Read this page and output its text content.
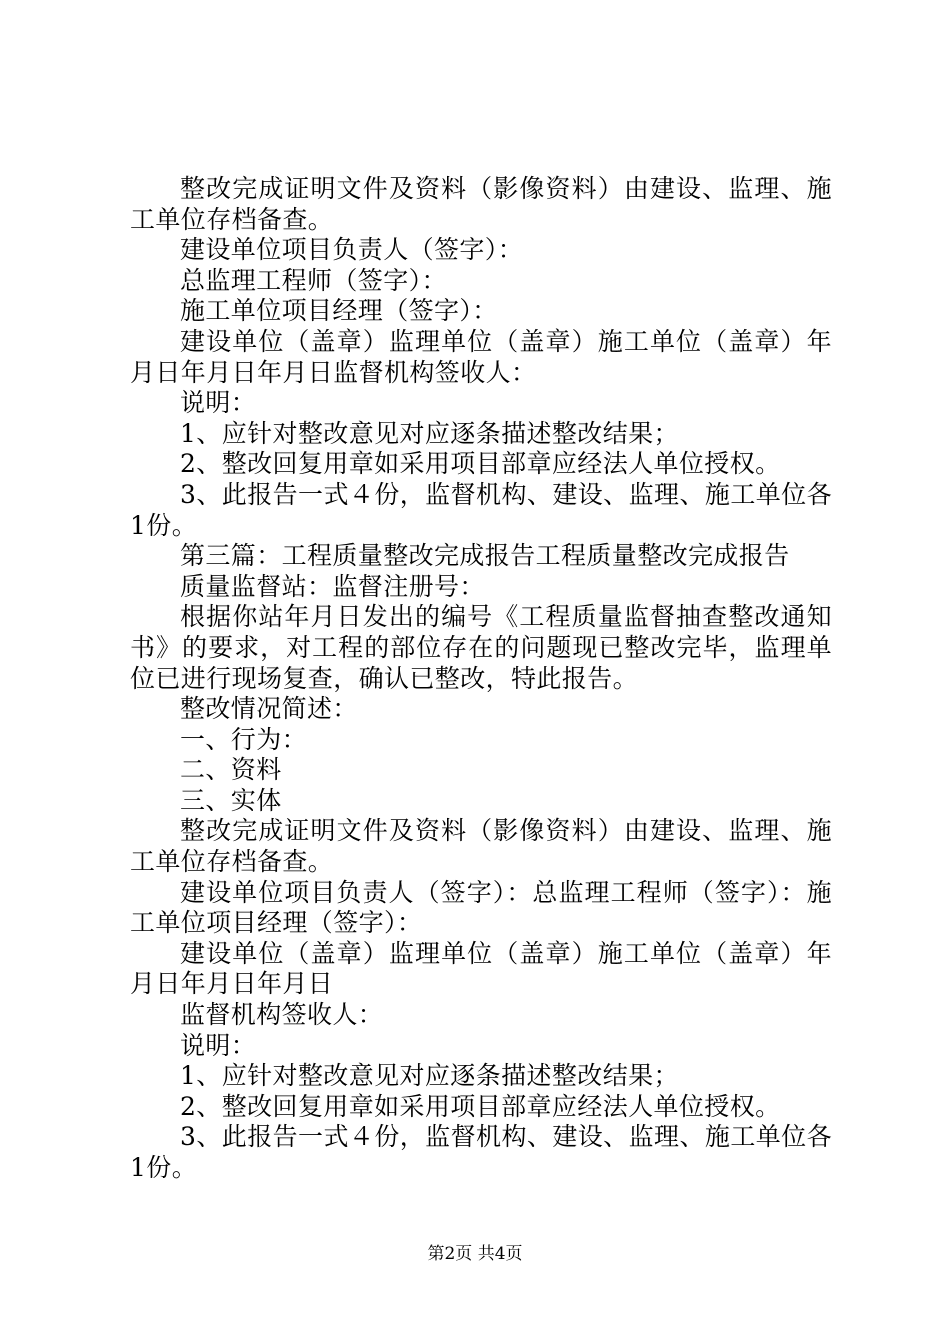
整改完成证明文件及资料（影像资料）由建设、监理、施工单位存档备查。

建设单位项目负责人（签字）：

总监理工程师（签字）：

施工单位项目经理（签字）：

建设单位（盖章）监理单位（盖章）施工单位（盖章）年月日年月日年月日监督机构签收人：

说明：

1、应针对整改意见对应逐条描述整改结果；

2、整改回复用章如采用项目部章应经法人单位授权。

3、此报告一式４份，监督机构、建设、监理、施工单位各1份。

第三篇：工程质量整改完成报告工程质量整改完成报告

质量监督站：监督注册号：

根据你站年月日发出的编号《工程质量监督抽查整改通知书》的要求，对工程的部位存在的问题现已整改完毕，监理单位已进行现场复查，确认已整改，特此报告。

整改情况简述：

一、行为：

二、资料

三、实体

整改完成证明文件及资料（影像资料）由建设、监理、施工单位存档备查。

建设单位项目负责人（签字）：总监理工程师（签字）：施工单位项目经理（签字）：

建设单位（盖章）监理单位（盖章）施工单位（盖章）年月日年月日年月日

监督机构签收人：

说明：

1、应针对整改意见对应逐条描述整改结果；

2、整改回复用章如采用项目部章应经法人单位授权。

3、此报告一式４份，监督机构、建设、监理、施工单位各1份。

第2页 共4页
